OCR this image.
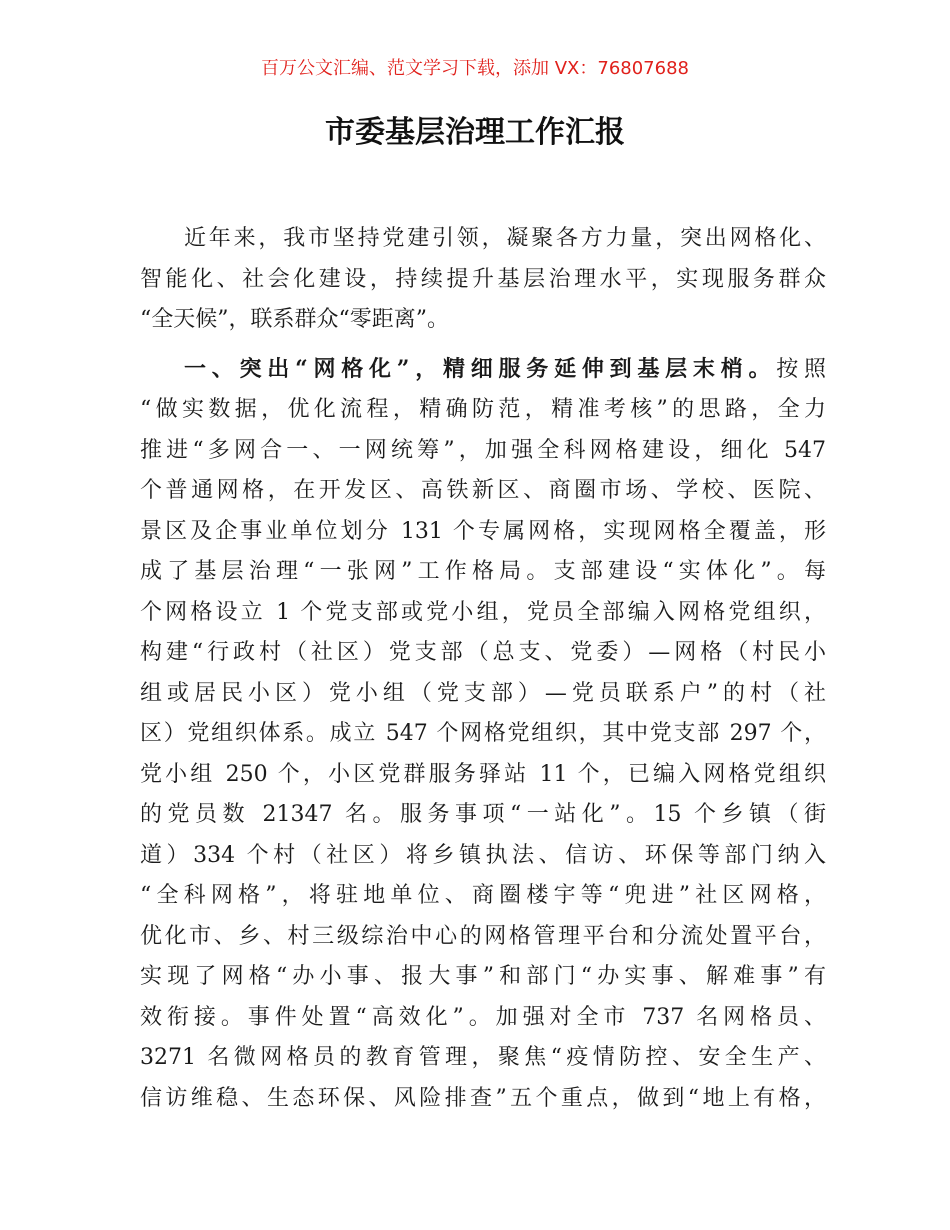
百万公文汇编、范文学习下载，添加 VX：76807688
市委基层治理工作汇报
近年来，我市坚持党建引领，凝聚各方力量，突出网格化、
智能化、社会化建设，持续提升基层治理水平，实现服务群众
“全天候”，联系群众“零距离”。
一、突出“网格化”，精细服务延伸到基层末梢。按照
“做实数据，优化流程，精确防范，精准考核”的思路，全力
推进“多网合一、一网统筹”，加强全科网格建设，细化 547
个普通网格，在开发区、高铁新区、商圈市场、学校、医院、
景区及企事业单位划分 131 个专属网格，实现网格全覆盖，形
成了基层治理“一张网”工作格局。支部建设“实体化”。每
个网格设立 1 个党支部或党小组，党员全部编入网格党组织，
构建“行政村（社区）党支部（总支、党委）—网格（村民小
组或居民小区）党小组（党支部）—党员联系户”的村（社
区）党组织体系。成立 547 个网格党组织，其中党支部 297 个，
党小组 250 个，小区党群服务驿站 11 个，已编入网格党组织
的党员数 21347 名。服务事项“一站化”。15 个乡镇（街
道）334 个村（社区）将乡镇执法、信访、环保等部门纳入
“全科网格”，将驻地单位、商圈楼宇等“兜进”社区网格，
优化市、乡、村三级综治中心的网格管理平台和分流处置平台，
实现了网格“办小事、报大事”和部门“办实事、解难事”有
效衔接。事件处置“高效化”。加强对全市 737 名网格员、
3271 名微网格员的教育管理，聚焦“疫情防控、安全生产、
信访维稳、生态环保、风险排查”五个重点，做到“地上有格，
